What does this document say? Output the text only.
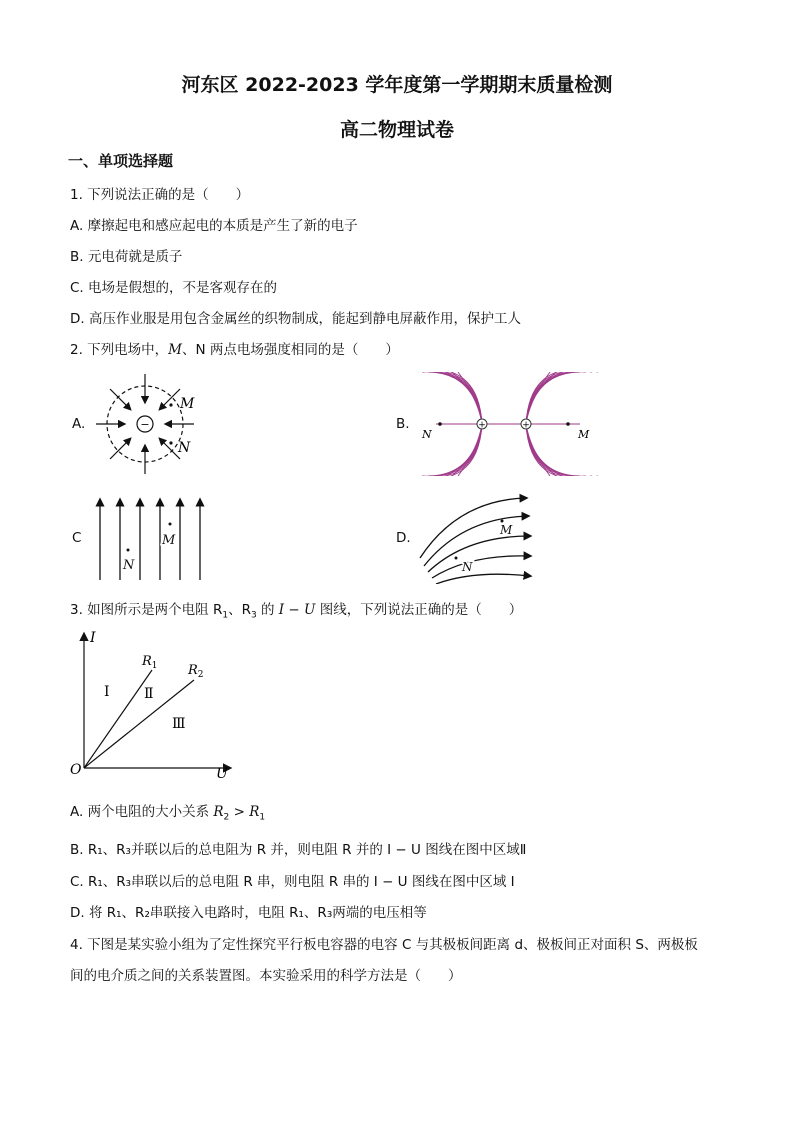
河东区 2022-2023 学年度第一学期期末质量检测
高二物理试卷
一、单项选择题
1. 下列说法正确的是（　　）
A. 摩擦起电和感应起电的本质是产生了新的电子
B. 元电荷就是质子
C. 电场是假想的，不是客观存在的
D. 高压作业服是用包含金属丝的织物制成，能起到静电屏蔽作用，保护工人
2. 下列电场中，M、N 两点电场强度相同的是（　　）
A.	B.
C	D.
−
M
N
+	+
N	M
M
N
M
N
3. 如图所示是两个电阻 $R_1$、$R_3$ 的 I − U 图线，下列说法正确的是（　　）
I
U
O
$R_1$ $R_2$
Ⅰ Ⅱ
Ⅲ
A. 两个电阻的大小关系 $R_2 > R_1$
B. R₁、R₃并联以后的总电阻为 R 并，则电阻 R 并的 I − U 图线在图中区域Ⅱ
C. R₁、R₃串联以后的总电阻 R 串，则电阻 R 串的 I − U 图线在图中区域 I
D. 将 R₁、R₂串联接入电路时，电阻 R₁、R₃两端的电压相等
4. 下图是某实验小组为了定性探究平行板电容器的电容 C 与其极板间距离 d、极板间正对面积 S、两极板
间的电介质之间的关系装置图。本实验采用的科学方法是（　　）
